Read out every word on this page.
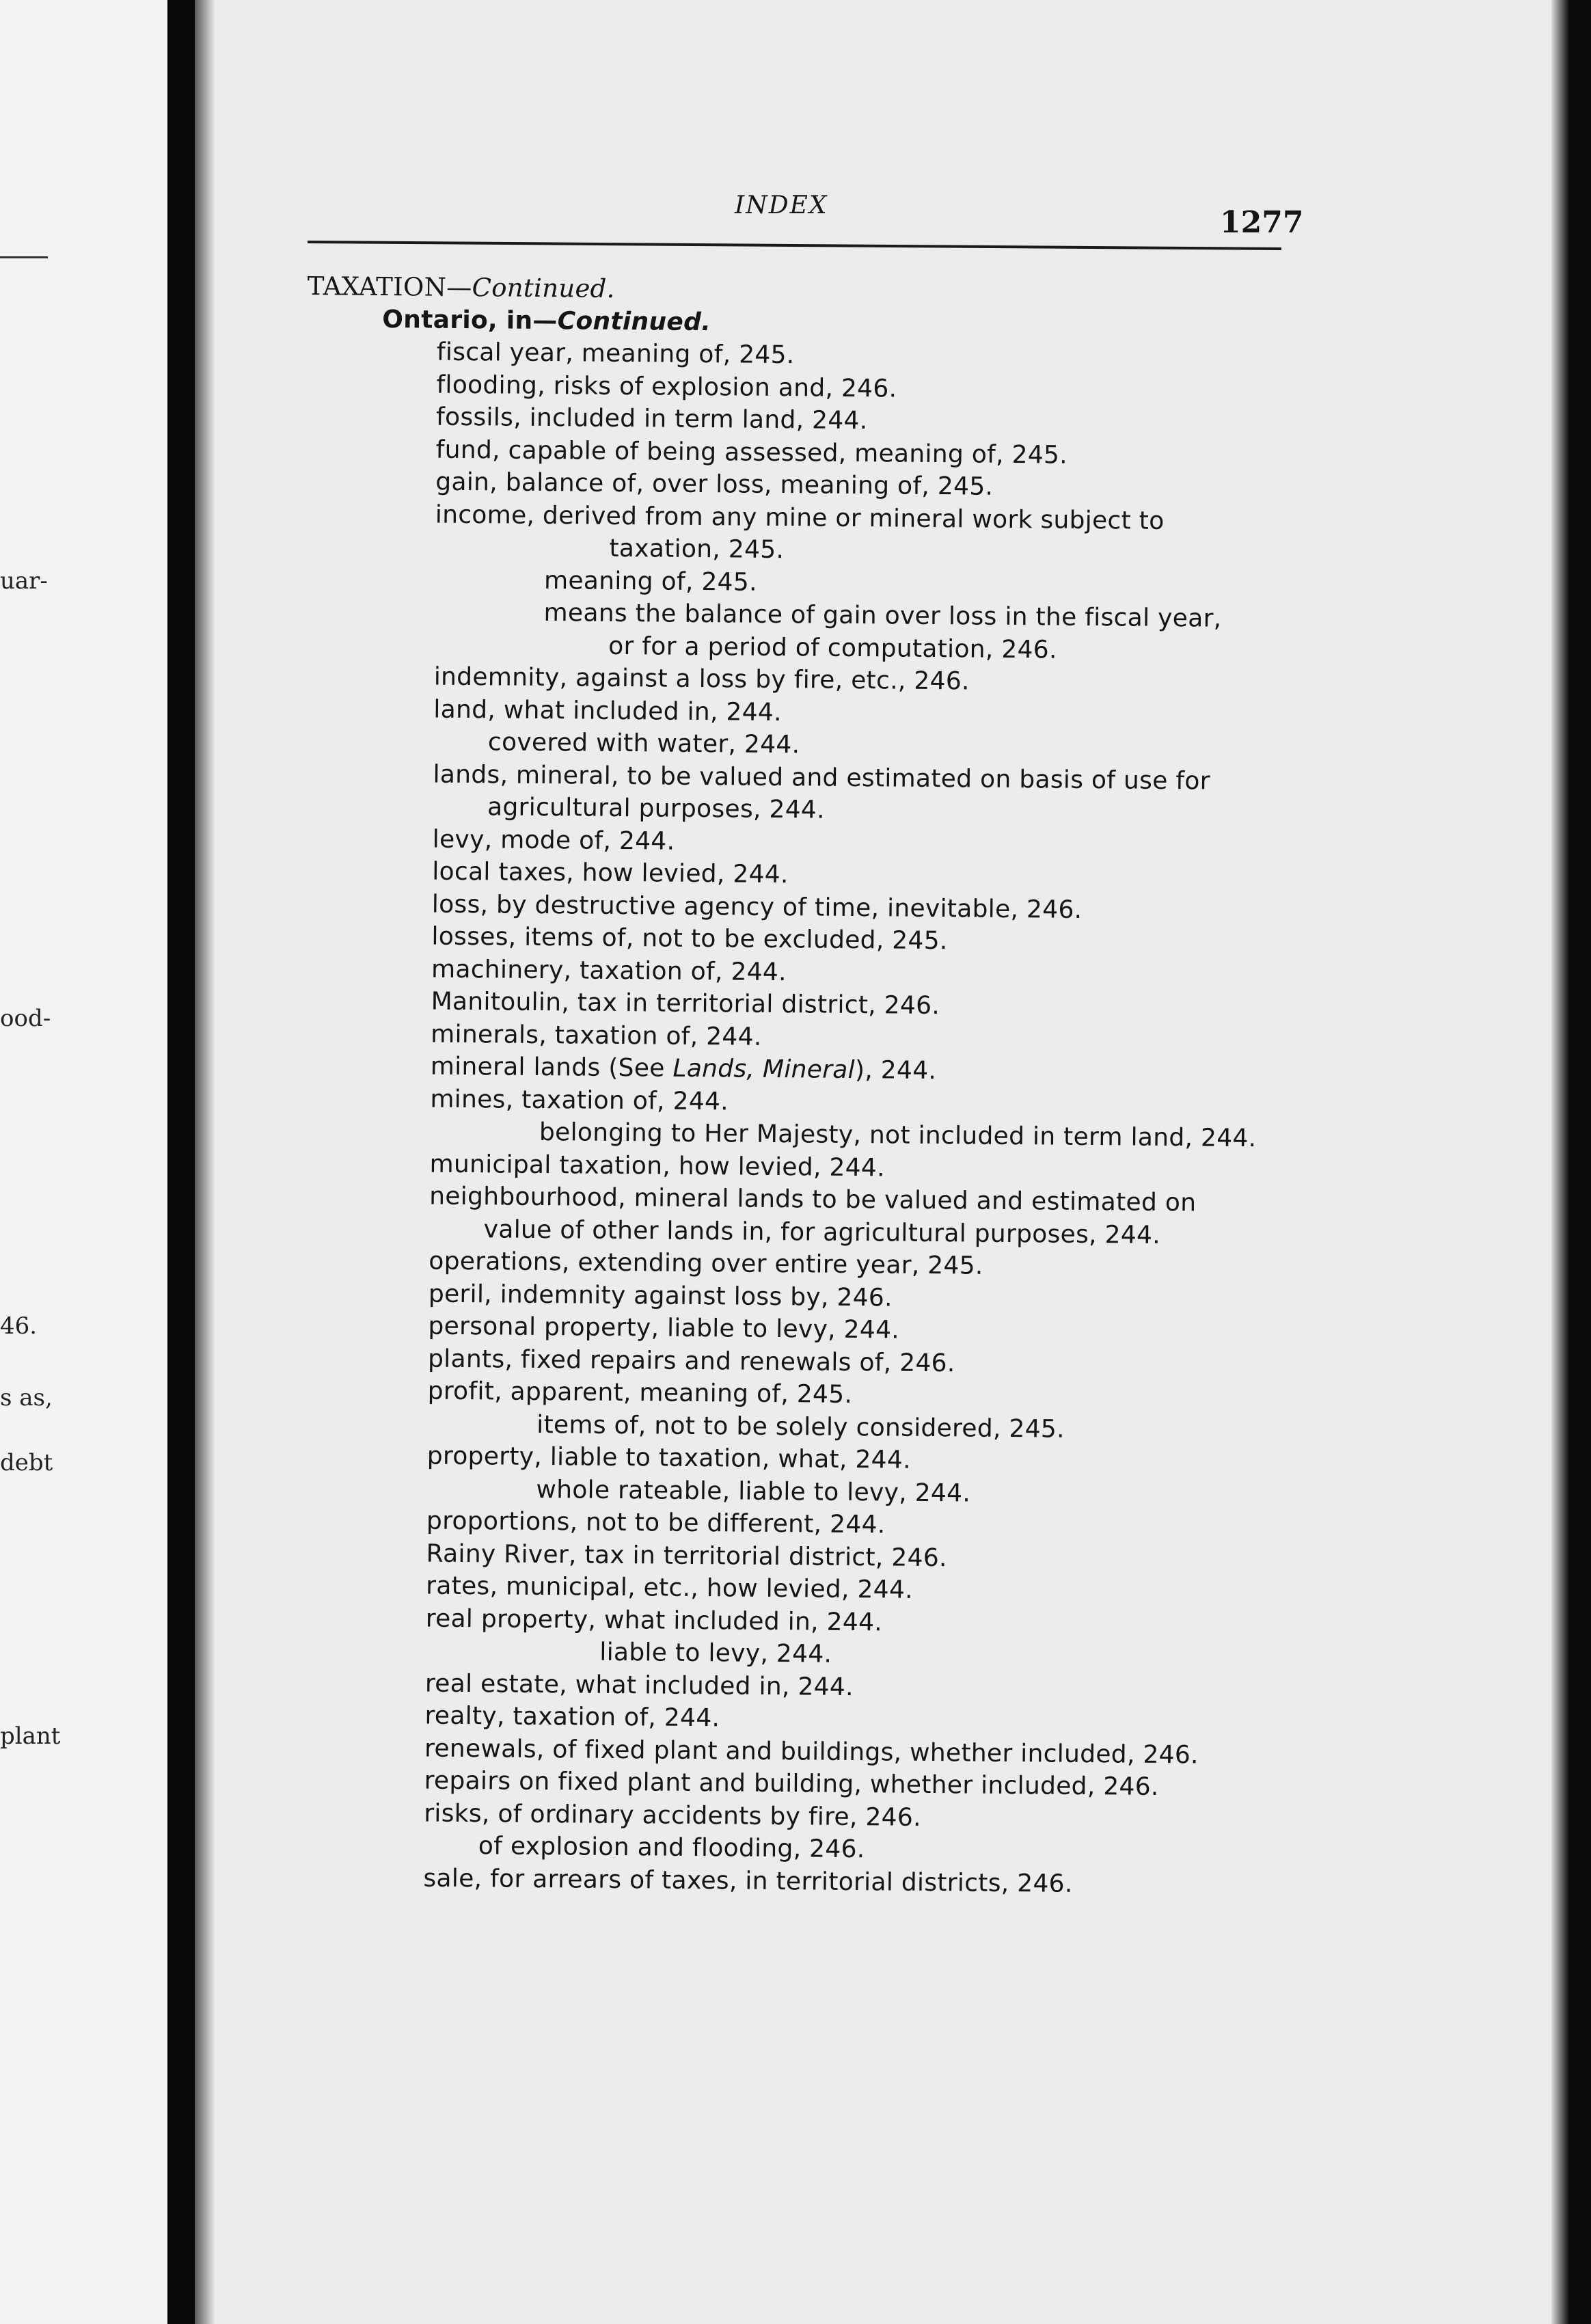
uar-
ood-
46.
s as,
debt
plant
INDEX	1277
TAXATION—Continued.
Ontario, in—Continued.
fiscal year, meaning of, 245.
flooding, risks of explosion and, 246.
fossils, included in term land, 244.
fund, capable of being assessed, meaning of, 245.
gain, balance of, over loss, meaning of, 245.
income, derived from any mine or mineral work subject to
taxation, 245.
meaning of, 245.
means the balance of gain over loss in the fiscal year,
or for a period of computation, 246.
indemnity, against a loss by fire, etc., 246.
land, what included in, 244.
covered with water, 244.
lands, mineral, to be valued and estimated on basis of use for
agricultural purposes, 244.
levy, mode of, 244.
local taxes, how levied, 244.
loss, by destructive agency of time, inevitable, 246.
losses, items of, not to be excluded, 245.
machinery, taxation of, 244.
Manitoulin, tax in territorial district, 246.
minerals, taxation of, 244.
mineral lands (See Lands, Mineral), 244.
mines, taxation of, 244.
belonging to Her Majesty, not included in term land, 244.
municipal taxation, how levied, 244.
neighbourhood, mineral lands to be valued and estimated on
value of other lands in, for agricultural purposes, 244.
operations, extending over entire year, 245.
peril, indemnity against loss by, 246.
personal property, liable to levy, 244.
plants, fixed repairs and renewals of, 246.
profit, apparent, meaning of, 245.
items of, not to be solely considered, 245.
property, liable to taxation, what, 244.
whole rateable, liable to levy, 244.
proportions, not to be different, 244.
Rainy River, tax in territorial district, 246.
rates, municipal, etc., how levied, 244.
real property, what included in, 244.
liable to levy, 244.
real estate, what included in, 244.
realty, taxation of, 244.
renewals, of fixed plant and buildings, whether included, 246.
repairs on fixed plant and building, whether included, 246.
risks, of ordinary accidents by fire, 246.
of explosion and flooding, 246.
sale, for arrears of taxes, in territorial districts, 246.
